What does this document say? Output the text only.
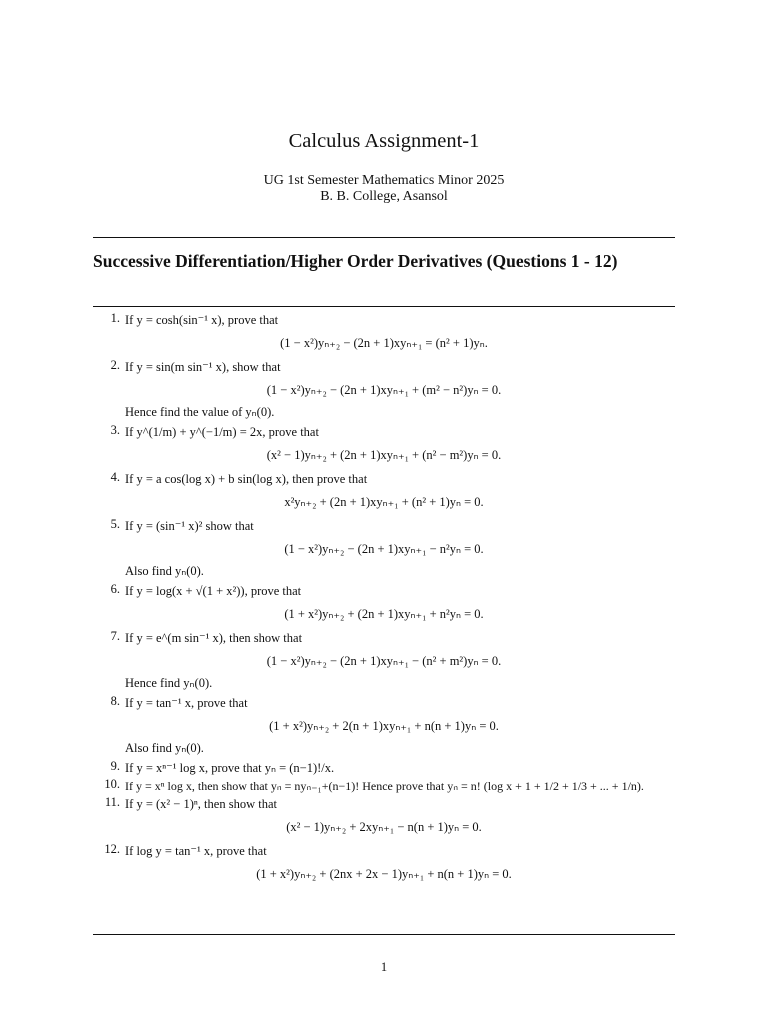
Calculus Assignment-1
UG 1st Semester Mathematics Minor 2025
B. B. College, Asansol
Successive Differentiation/Higher Order Derivatives (Questions 1 - 12)
1. If y = cosh(sin⁻¹ x), prove that
(1 − x²)yₙ₊₂ − (2n + 1)xyₙ₊₁ = (n² + 1)yₙ.
2. If y = sin(m sin⁻¹ x), show that
(1 − x²)yₙ₊₂ − (2n + 1)xyₙ₊₁ + (m² − n²)yₙ = 0.
Hence find the value of yₙ(0).
3. If y^(1/m) + y^(−1/m) = 2x, prove that
(x² − 1)yₙ₊₂ + (2n + 1)xyₙ₊₁ + (n² − m²)yₙ = 0.
4. If y = a cos(log x) + b sin(log x), then prove that
x²yₙ₊₂ + (2n + 1)xyₙ₊₁ + (n² + 1)yₙ = 0.
5. If y = (sin⁻¹ x)² show that
(1 − x²)yₙ₊₂ − (2n + 1)xyₙ₊₁ − n²yₙ = 0.
Also find yₙ(0).
6. If y = log(x + √(1 + x²)), prove that
(1 + x²)yₙ₊₂ + (2n + 1)xyₙ₊₁ + n²yₙ = 0.
7. If y = e^(m sin⁻¹ x), then show that
(1 − x²)yₙ₊₂ − (2n + 1)xyₙ₊₁ − (n² + m²)yₙ = 0.
Hence find yₙ(0).
8. If y = tan⁻¹ x, prove that
(1 + x²)yₙ₊₂ + 2(n + 1)xyₙ₊₁ + n(n + 1)yₙ = 0.
Also find yₙ(0).
9. If y = xⁿ⁻¹ log x, prove that yₙ = (n−1)!/x.
10. If y = xⁿ log x, then show that yₙ = nyₙ₋₁+(n−1)! Hence prove that yₙ = n! (log x + 1 + 1/2 + 1/3 + ... + 1/n).
11. If y = (x² − 1)ⁿ, then show that
(x² − 1)yₙ₊₂ + 2xyₙ₊₁ − n(n + 1)yₙ = 0.
12. If log y = tan⁻¹ x, prove that
(1 + x²)yₙ₊₂ + (2nx + 2x − 1)yₙ₊₁ + n(n + 1)yₙ = 0.
1
